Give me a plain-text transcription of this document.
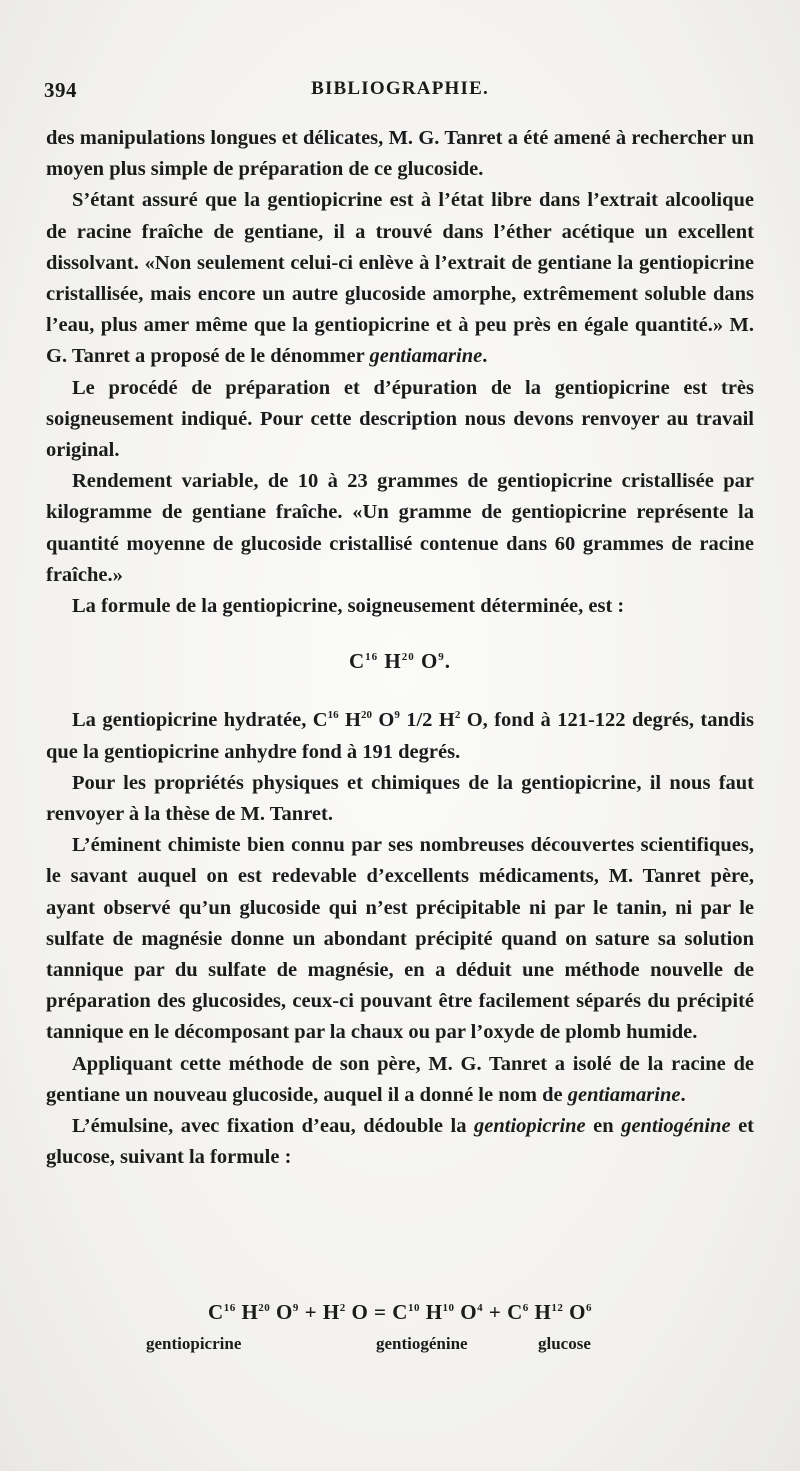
394	BIBLIOGRAPHIE.

des manipulations longues et délicates, M. G. Tanret a été amené à rechercher un moyen plus simple de préparation de ce glucoside.

S’étant assuré que la gentiopicrine est à l’état libre dans l’extrait alcoolique de racine fraîche de gentiane, il a trouvé dans l’éther acétique un excellent dissolvant. «Non seulement celui-ci enlève à l’extrait de gentiane la gentiopicrine cristallisée, mais encore un autre glucoside amorphe, extrêmement soluble dans l’eau, plus amer même que la gentiopicrine et à peu près en égale quantité.» M. G. Tanret a proposé de le dénommer gentiamarine.

Le procédé de préparation et d’épuration de la gentiopicrine est très soigneusement indiqué. Pour cette description nous devons renvoyer au travail original.

Rendement variable, de 10 à 23 grammes de gentiopicrine cristallisée par kilogramme de gentiane fraîche. «Un gramme de gentiopicrine représente la quantité moyenne de glucoside cristallisé contenue dans 60 grammes de racine fraîche.»

La formule de la gentiopicrine, soigneusement déterminée, est :

$C^{16}$ $H^{20}$ $O^9$.

La gentiopicrine hydratée, $C^{16}$ $H^{20}$ $O^9$ 1/2 $H^2$ O, fond à 121-122 degrés, tandis que la gentiopicrine anhydre fond à 191 degrés.

Pour les propriétés physiques et chimiques de la gentiopicrine, il nous faut renvoyer à la thèse de M. Tanret.

L’éminent chimiste bien connu par ses nombreuses découvertes scientifiques, le savant auquel on est redevable d’excellents médicaments, M. Tanret père, ayant observé qu’un glucoside qui n’est précipitable ni par le tanin, ni par le sulfate de magnésie donne un abondant précipité quand on sature sa solution tannique par du sulfate de magnésie, en a déduit une méthode nouvelle de préparation des glucosides, ceux-ci pouvant être facilement séparés du précipité tannique en le décomposant par la chaux ou par l’oxyde de plomb humide.

Appliquant cette méthode de son père, M. G. Tanret a isolé de la racine de gentiane un nouveau glucoside, auquel il a donné le nom de gentiamarine.

L’émulsine, avec fixation d’eau, dédouble la gentiopicrine en gentiogénine et glucose, suivant la formule :

$C^{16}$ $H^{20}$ $O^9 + H^2$ $O = C^{10}$ $H^{10}$ $O^4 + C^6$ $H^{12}$ $O^6$
gentiopicrine	gentiogénine	glucose
